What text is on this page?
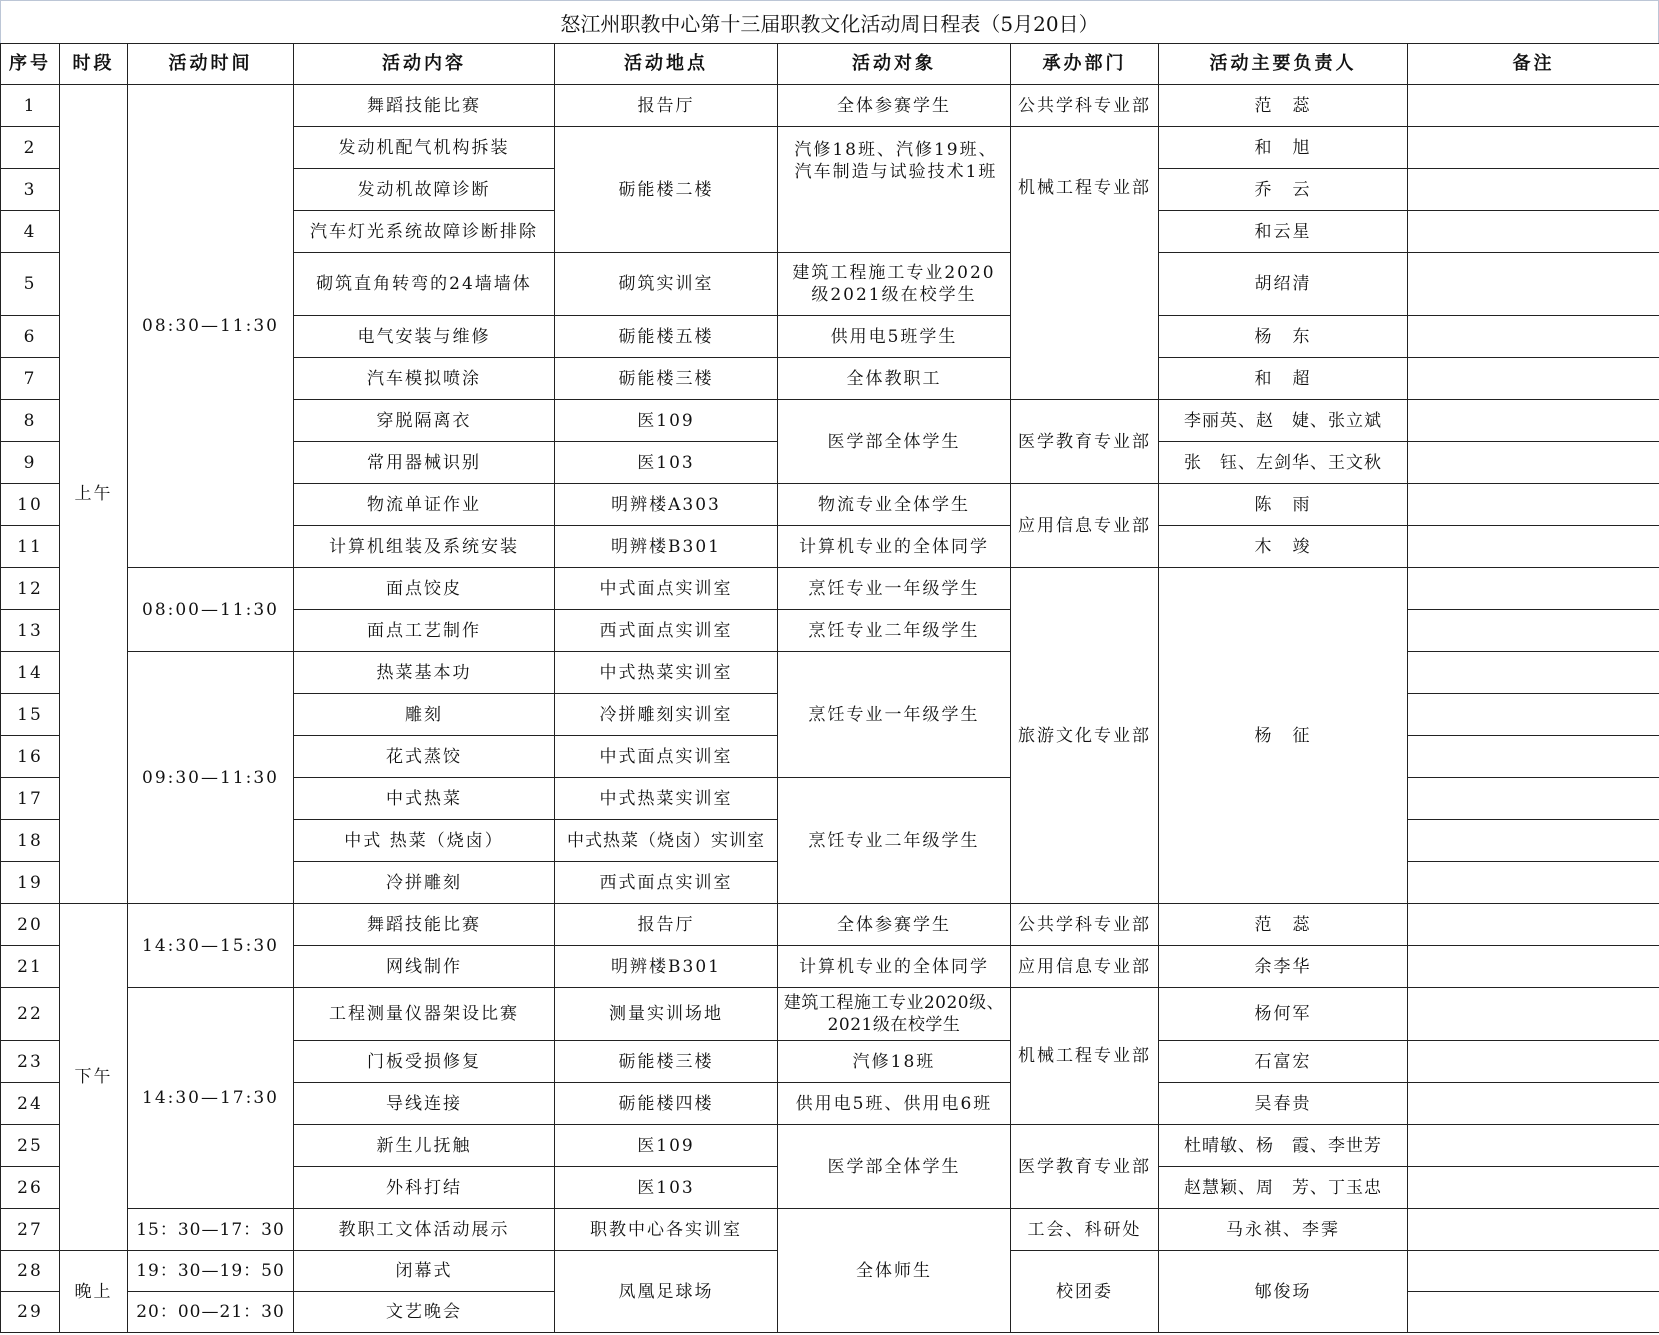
怒江州职教中心第十三届职教文化活动周日程表（5月20日）
序号	时段	活动时间	活动内容	活动地点	活动对象	承办部门	活动主要负责人	备注
1	上午	08:30—11:30	舞蹈技能比赛	报告厅	全体参赛学生	公共学科专业部	范　蕊	
2			发动机配气机构拆装	砺能楼二楼	汽修18班、汽修19班、汽车制造与试验技术1班	机械工程专业部	和　旭	
3			发动机故障诊断				乔　云	
4			汽车灯光系统故障诊断排除				和云星	
5			砌筑直角转弯的24墙墙体	砌筑实训室	建筑工程施工专业2020级2021级在校学生		胡绍清	
6			电气安装与维修	砺能楼五楼	供用电5班学生		杨　东	
7			汽车模拟喷涂	砺能楼三楼	全体教职工		和　超	
8			穿脱隔离衣	医109	医学部全体学生	医学教育专业部	李丽英、赵　婕、张立斌	
9			常用器械识别	医103			张　钰、左剑华、王文秋	
10			物流单证作业	明辨楼A303	物流专业全体学生	应用信息专业部	陈　雨	
11			计算机组装及系统安装	明辨楼B301	计算机专业的全体同学		木　竣	
12		08:00—11:30	面点饺皮	中式面点实训室	烹饪专业一年级学生	旅游文化专业部	杨　征	
13			面点工艺制作	西式面点实训室	烹饪专业二年级学生			
14		09:30—11:30	热菜基本功	中式热菜实训室	烹饪专业一年级学生			
15			雕刻	冷拼雕刻实训室				
16			花式蒸饺	中式面点实训室				
17			中式热菜	中式热菜实训室	烹饪专业二年级学生			
18			中式 热菜（烧卤）	中式热菜（烧卤）实训室				
19			冷拼雕刻	西式面点实训室				
20	下午	14:30—15:30	舞蹈技能比赛	报告厅	全体参赛学生	公共学科专业部	范　蕊	
21			网线制作	明辨楼B301	计算机专业的全体同学	应用信息专业部	余李华	
22		14:30—17:30	工程测量仪器架设比赛	测量实训场地	建筑工程施工专业2020级、2021级在校学生	机械工程专业部	杨何军	
23			门板受损修复	砺能楼三楼	汽修18班		石富宏	
24			导线连接	砺能楼四楼	供用电5班、供用电6班		吴春贵	
25			新生儿抚触	医109	医学部全体学生	医学教育专业部	杜晴敏、杨　霞、李世芳	
26			外科打结	医103			赵慧颖、周　芳、丁玉忠	
27		15：30—17：30	教职工文体活动展示	职教中心各实训室	全体师生	工会、科研处	马永祺、李霁	
28	晚上	19：30—19：50	闭幕式	凤凰足球场		校团委	郇俊玚	
29		20：00—21：30	文艺晚会					
